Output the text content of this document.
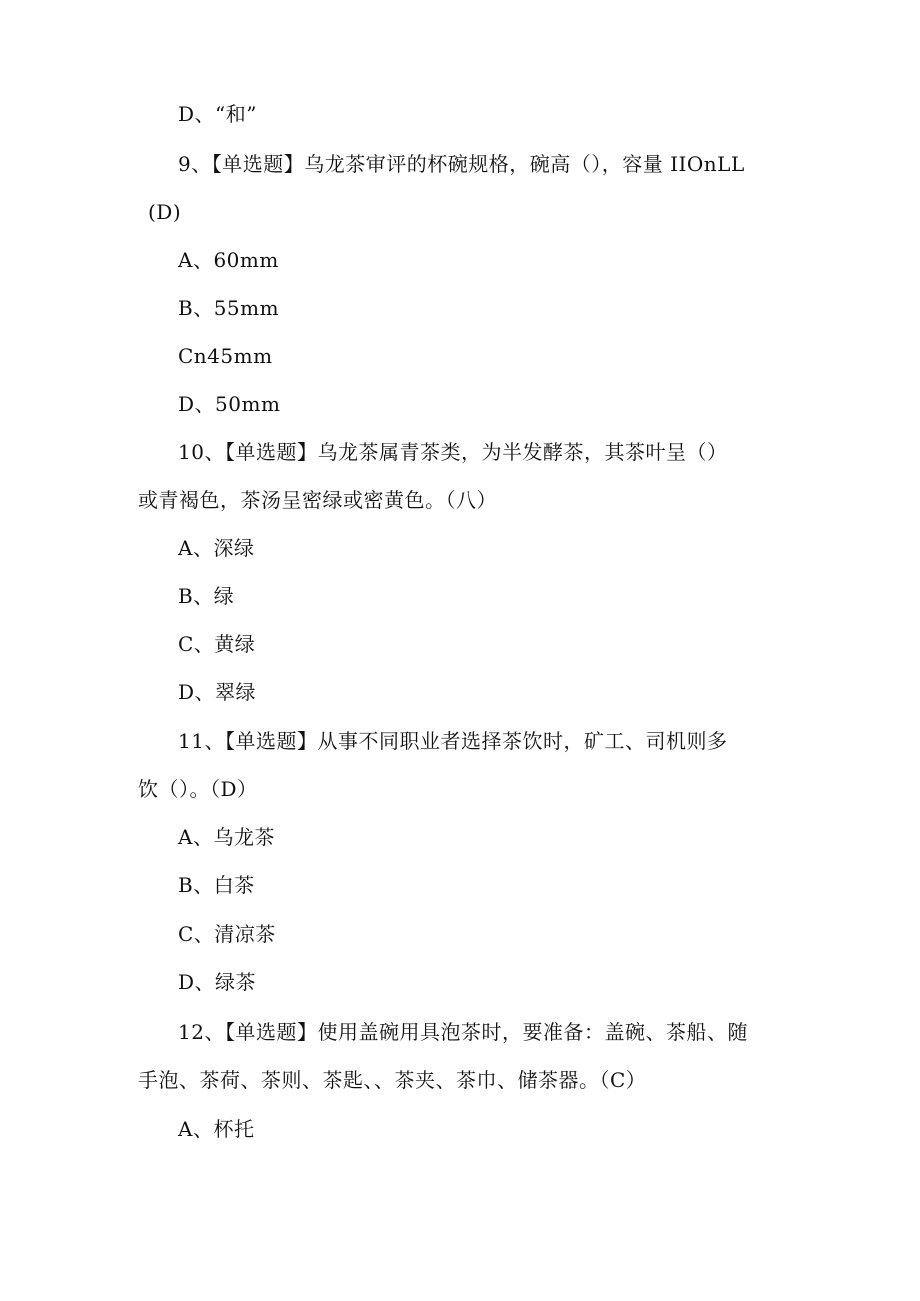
D、“和”
9、【单选题】乌龙茶审评的杯碗规格，碗高（），容量 IIOnLL
(D)
A、60mm
B、55mm
Cn45mm
D、50mm
10、【单选题】乌龙茶属青茶类，为半发酵茶，其茶叶呈（）
或青褐色，茶汤呈密绿或密黄色。（八）
A、深绿
B、绿
C、黄绿
D、翠绿
11、【单选题】从事不同职业者选择茶饮时，矿工、司机则多
饮（）。（D）
A、乌龙茶
B、白茶
C、清凉茶
D、绿茶
12、【单选题】使用盖碗用具泡茶时，要准备：盖碗、茶船、随
手泡、茶荷、茶则、茶匙、、茶夹、茶巾、储茶器。（C）
A、杯托
